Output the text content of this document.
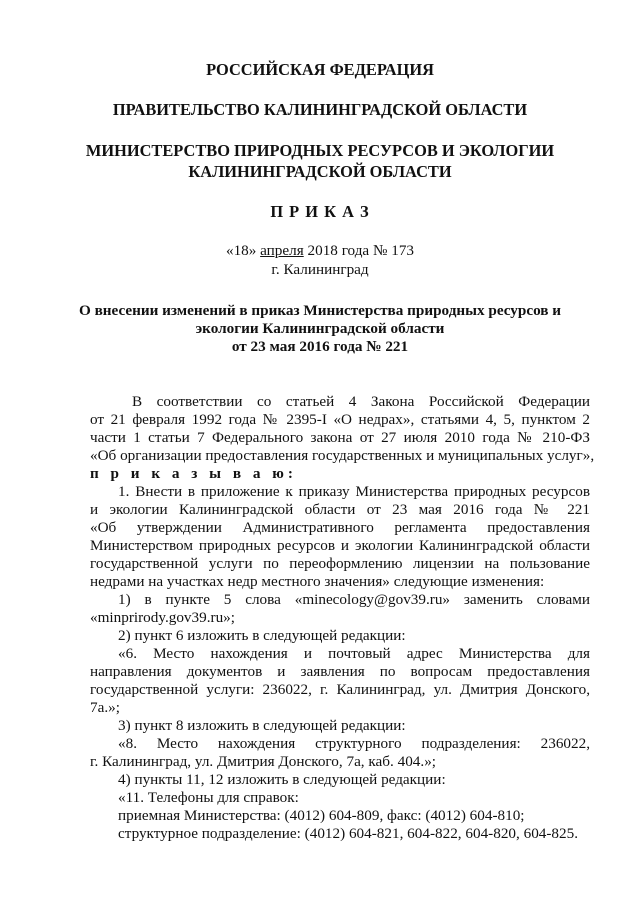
РОССИЙСКАЯ ФЕДЕРАЦИЯ
ПРАВИТЕЛЬСТВО КАЛИНИНГРАДСКОЙ ОБЛАСТИ
МИНИСТЕРСТВО ПРИРОДНЫХ РЕСУРСОВ И ЭКОЛОГИИ
КАЛИНИНГРАДСКОЙ ОБЛАСТИ
П Р И К А З
«18» апреля 2018 года № 173
г. Калининград
О внесении изменений в приказ Министерства природных ресурсов и
экологии Калининградской области
от 23 мая 2016 года № 221
В соответствии со статьей 4 Закона Российской Федерации
от 21 февраля 1992 года № 2395-I «О недрах», статьями 4, 5, пунктом 2
части 1 статьи 7 Федерального закона от 27 июля 2010 года № 210-ФЗ
«Об организации предоставления государственных и муниципальных услуг»,
п р и к а з ы в а ю:
1. Внести в приложение к приказу Министерства природных ресурсов
и экологии Калининградской области от 23 мая 2016 года № 221
«Об утверждении Административного регламента предоставления
Министерством природных ресурсов и экологии Калининградской области
государственной услуги по переоформлению лицензии на пользование
недрами на участках недр местного значения» следующие изменения:
1) в пункте 5 слова «minecology@gov39.ru» заменить словами
«minprirody.gov39.ru»;
2) пункт 6 изложить в следующей редакции:
«6. Место нахождения и почтовый адрес Министерства для
направления документов и заявления по вопросам предоставления
государственной услуги: 236022, г. Калининград, ул. Дмитрия Донского,
7а.»;
3) пункт 8 изложить в следующей редакции:
«8. Место нахождения структурного подразделения: 236022,
г. Калининград, ул. Дмитрия Донского, 7а, каб. 404.»;
4) пункты 11, 12 изложить в следующей редакции:
«11. Телефоны для справок:
приемная Министерства: (4012) 604-809, факс: (4012) 604-810;
структурное подразделение: (4012) 604-821, 604-822, 604-820, 604-825.
